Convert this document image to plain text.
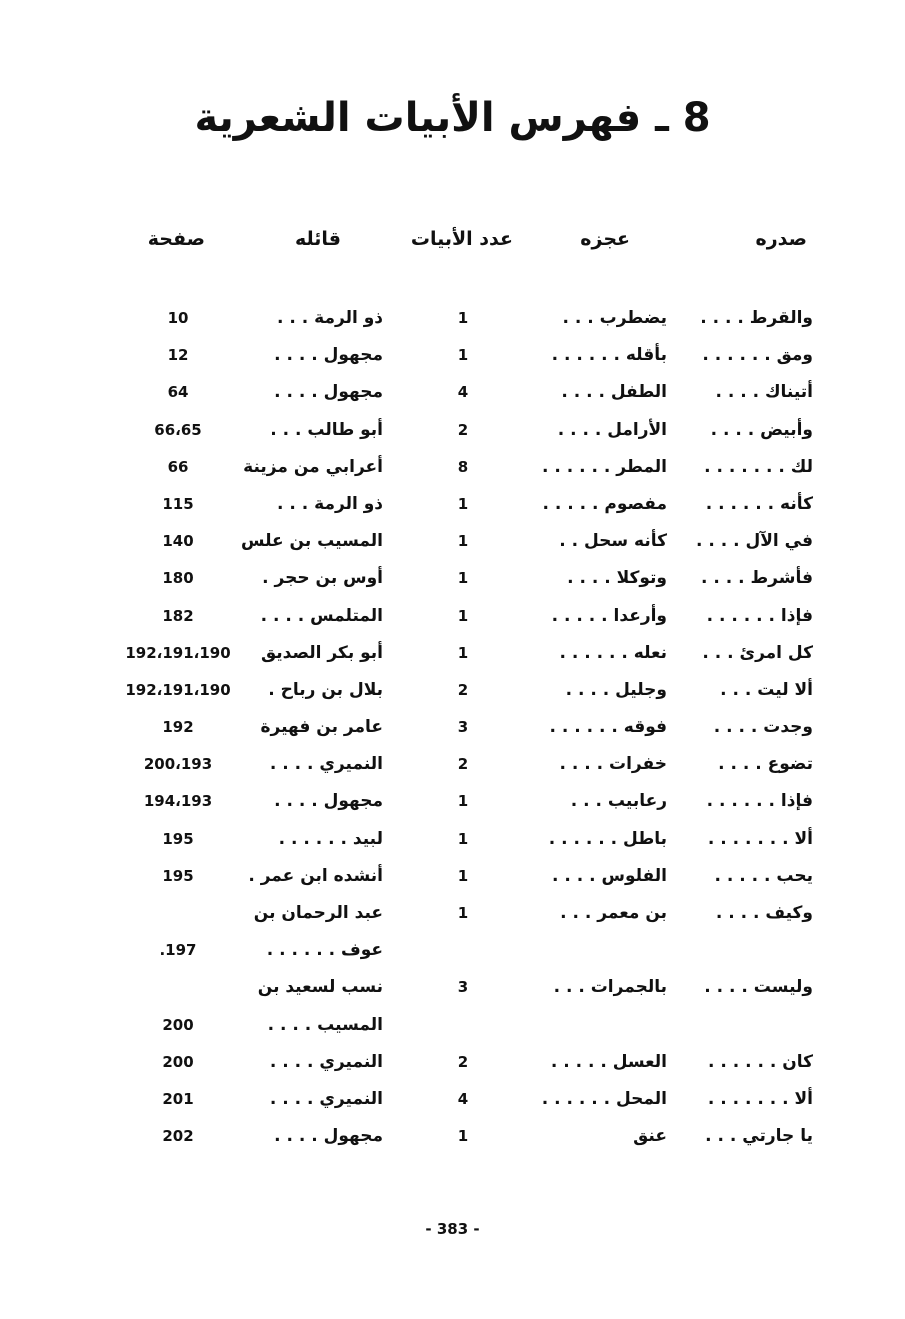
8 ـ فهرس الأبيات الشعرية
صدره
عجزه
عدد الأبيات
قائله
صفحة
والقرط . . . .
يضطرب . . .
1
ذو الرمة . . .
10
ومق . . . . . .
بأقله . . . . . .
1
مجهول . . . .
12
أتيناك . . . .
الطفل . . . .
4
مجهول . . . .
64
وأبيض . . . .
الأرامل . . . .
2
أبو طالب . . .
66،65
لك . . . . . . .
المطر . . . . . .
8
أعرابي من مزينة
66
كأنه . . . . . .
مفصوم . . . . .
1
ذو الرمة . . .
115
في الآل . . . .
كأنه سحل . .
1
المسيب بن علس
140
فأشرط . . . .
وتوكلا . . . .
1
أوس بن حجر .
180
فإذا . . . . . .
وأرعدا . . . . .
1
المتلمس . . . .
182
كل امرئ . . .
نعله . . . . . .
1
أبو بكر الصديق
192،191،190
ألا ليت . . .
وجليل . . . .
2
بلال بن رباح .
192،191،190
وجدت . . . .
فوقه . . . . . .
3
عامر بن فهيرة
192
تضوع . . . .
خفرات . . . .
2
النميري . . . .
200،193
فإذا . . . . . .
رعابيب . . .
1
مجهول . . . .
194،193
ألا . . . . . . .
باطل . . . . . .
1
لبيد . . . . . .
195
يحب . . . . .
الفلوس . . . .
1
أنشده ابن عمر .
195
وكيف . . . .
بن معمر . . .
1
عبد الرحمان بن
عوف . . . . . .
.197
وليست . . . .
بالجمرات . . .
3
نسب لسعيد بن
المسيب . . . .
200
كان . . . . . .
العسل . . . . .
2
النميري . . . .
200
ألا . . . . . . .
المحل . . . . . .
4
النميري . . . .
201
يا جارتي . . .
عنق
1
مجهول . . . .
202
- 383 -
